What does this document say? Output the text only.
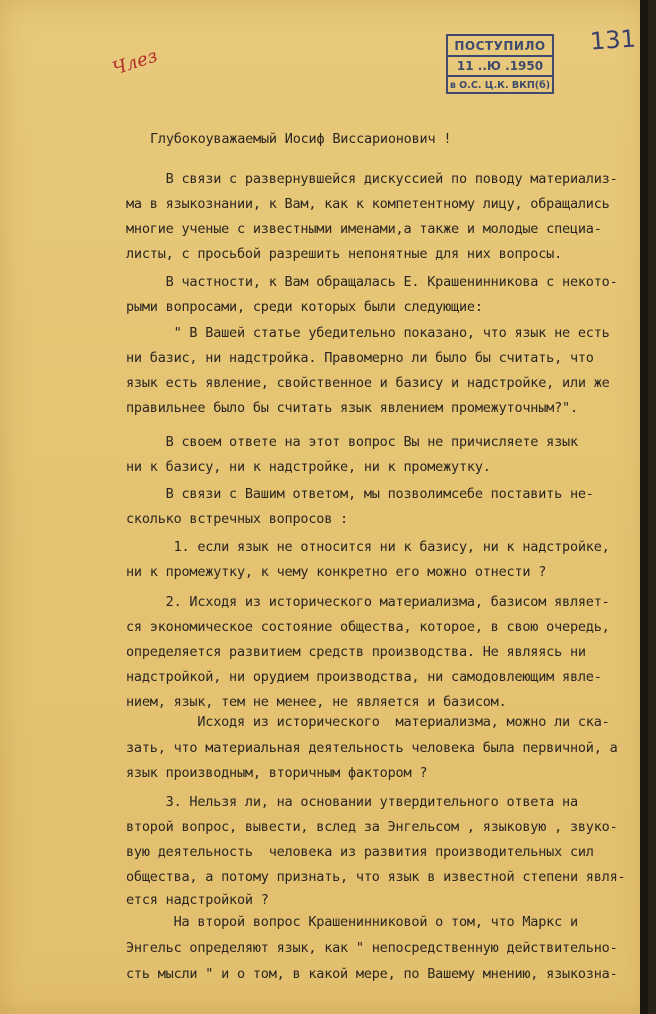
131

Члез	ПОСТУПИЛО
11 ..Ю .1950
в О.С. Ц.К. ВКП(б)

Глубокоуважаемый Иосиф Виссарионович !

В связи с развернувшейся дискуссией по поводу материализ-

ма в языкознании, к Вам, как к компетентному лицу, обращались

многие ученые с известными именами,а также и молодые специа-

листы, с просьбой разрешить непонятные для них вопросы.

В частности, к Вам обращалась Е. Крашенинникова с некото-

рыми вопросами, среди которых были следующие:

" В Вашей статье убедительно показано, что язык не есть

ни базис, ни надстройка. Правомерно ли было бы считать, что

язык есть явление, свойственное и базису и надстройке, или же

правильнее было бы считать язык явлением промежуточным?".

В своем ответе на этот вопрос Вы не причисляете язык

ни к базису, ни к надстройке, ни к промежутку.

В связи с Вашим ответом, мы позволимсебе поставить не-

сколько встречных вопросов :

1. если язык не относится ни к базису, ни к надстройке,

ни к промежутку, к чему конкретно его можно отнести ?

2. Исходя из исторического материализма, базисом являет-

ся экономическое состояние общества, которое, в свою очередь,

определяется развитием средств производства. Не являясь ни

надстройкой, ни орудием производства, ни самодовлеющим явле-

нием, язык, тем не менее, не является и базисом.

Исходя из исторического  материализма, можно ли ска-

зать, что материальная деятельность человека была первичной, а

язык производным, вторичным фактором ?

3. Нельзя ли, на основании утвердительного ответа на

второй вопрос, вывести, вслед за Энгельсом , языковую , звуко-

вую деятельность  человека из развития производительных сил

общества, а потому признать, что язык в известной степени явля-

ется надстройкой ?

На второй вопрос Крашенинниковой о том, что Маркс и

Энгельс определяют язык, как " непосредственную действительно-

сть мысли " и о том, в какой мере, по Вашему мнению, языкозна-
